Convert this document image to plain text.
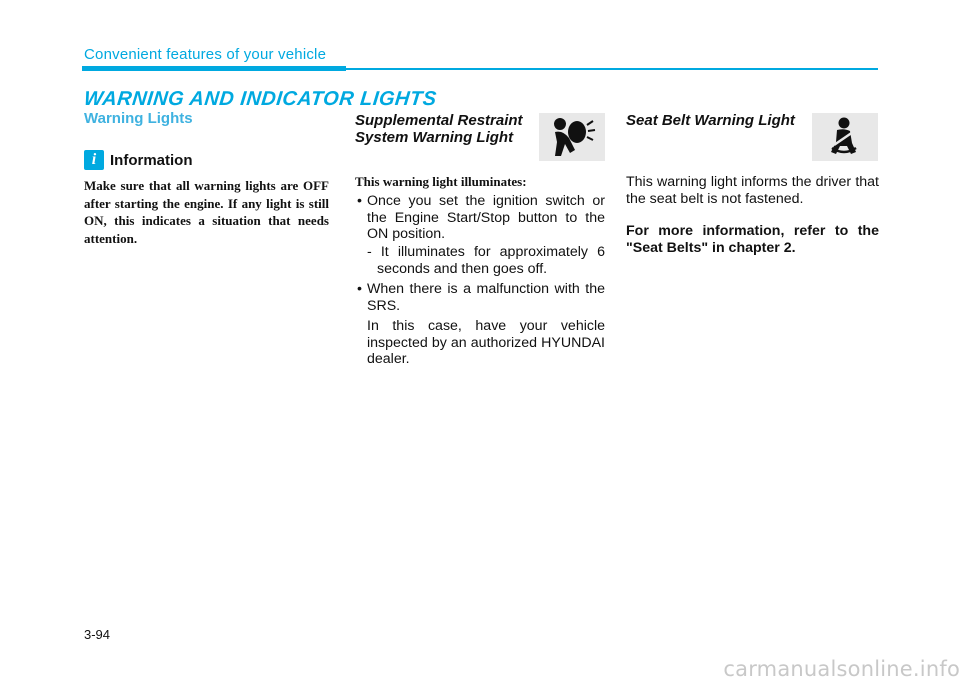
Convenient features of your vehicle
WARNING AND INDICATOR LIGHTS
Warning Lights
i Information
Make sure that all warning lights are OFF after starting the engine. If any light is still ON, this indicates a situation that needs attention.
Supplemental Restraint
System Warning Light
This warning light illuminates:
• Once you set the ignition switch or the Engine Start/Stop button to the ON position.
- It illuminates for approximately 6 seconds and then goes off.
• When there is a malfunction with the SRS.
In this case, have your vehicle inspected by an authorized HYUNDAI dealer.
Seat Belt Warning Light
This warning light informs the driver that the seat belt is not fastened.
For more information, refer to the "Seat Belts" in chapter 2.
3-94
carmanualsonline.info
